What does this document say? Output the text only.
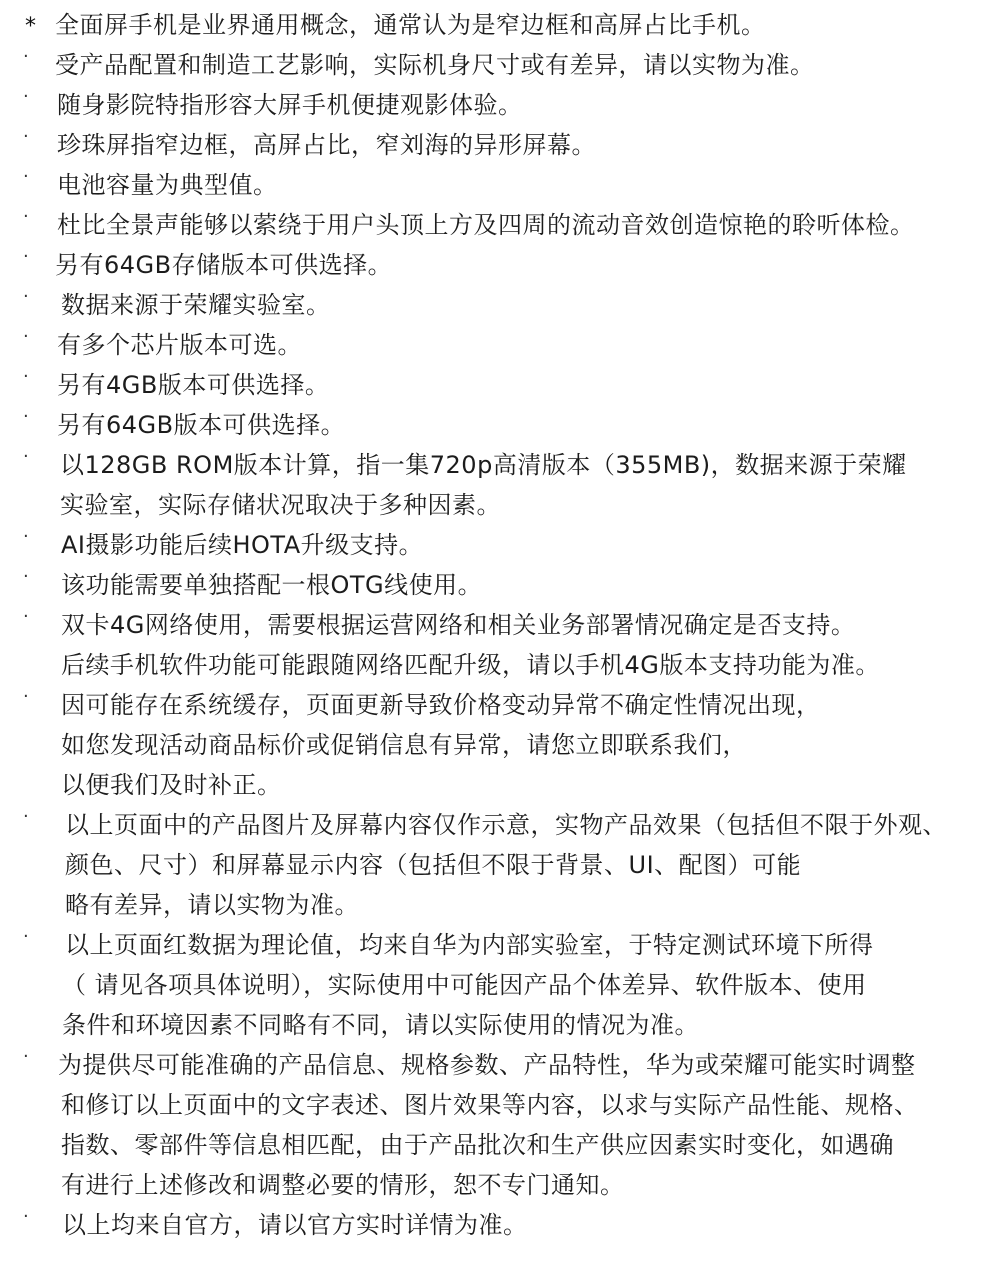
* 全面屏手机是业界通用概念，通常认为是窄边框和高屏占比手机。
· 受产品配置和制造工艺影响，实际机身尺寸或有差异，请以实物为准。
· 随身影院特指形容大屏手机便捷观影体验。
· 珍珠屏指窄边框，高屏占比，窄刘海的异形屏幕。
· 电池容量为典型值。
· 杜比全景声能够以萦绕于用户头顶上方及四周的流动音效创造惊艳的聆听体检。
· 另有64GB存储版本可供选择。
· 数据来源于荣耀实验室。
· 有多个芯片版本可选。
· 另有4GB版本可供选择。
· 另有64GB版本可供选择。
· 以128GB ROM版本计算，指一集720p高清版本（355MB)，数据来源于荣耀
实验室，实际存储状况取决于多种因素。
· AI摄影功能后续HOTA升级支持。
· 该功能需要单独搭配一根OTG线使用。
· 双卡4G网络使用，需要根据运营网络和相关业务部署情况确定是否支持。
后续手机软件功能可能跟随网络匹配升级，请以手机4G版本支持功能为准。
· 因可能存在系统缓存，页面更新导致价格变动异常不确定性情况出现，
如您发现活动商品标价或促销信息有异常，请您立即联系我们，
以便我们及时补正。
· 以上页面中的产品图片及屏幕内容仅作示意，实物产品效果（包括但不限于外观、
颜色、尺寸）和屏幕显示内容（包括但不限于背景、UI、配图）可能
略有差异，请以实物为准。
· 以上页面红数据为理论值，均来自华为内部实验室，于特定测试环境下所得
（ 请见各项具体说明），实际使用中可能因产品个体差异、软件版本、使用
条件和环境因素不同略有不同，请以实际使用的情况为准。
· 为提供尽可能准确的产品信息、规格参数、产品特性，华为或荣耀可能实时调整
和修订以上页面中的文字表述、图片效果等内容，以求与实际产品性能、规格、
指数、零部件等信息相匹配，由于产品批次和生产供应因素实时变化，如遇确
有进行上述修改和调整必要的情形，恕不专门通知。
· 以上均来自官方，请以官方实时详情为准。
